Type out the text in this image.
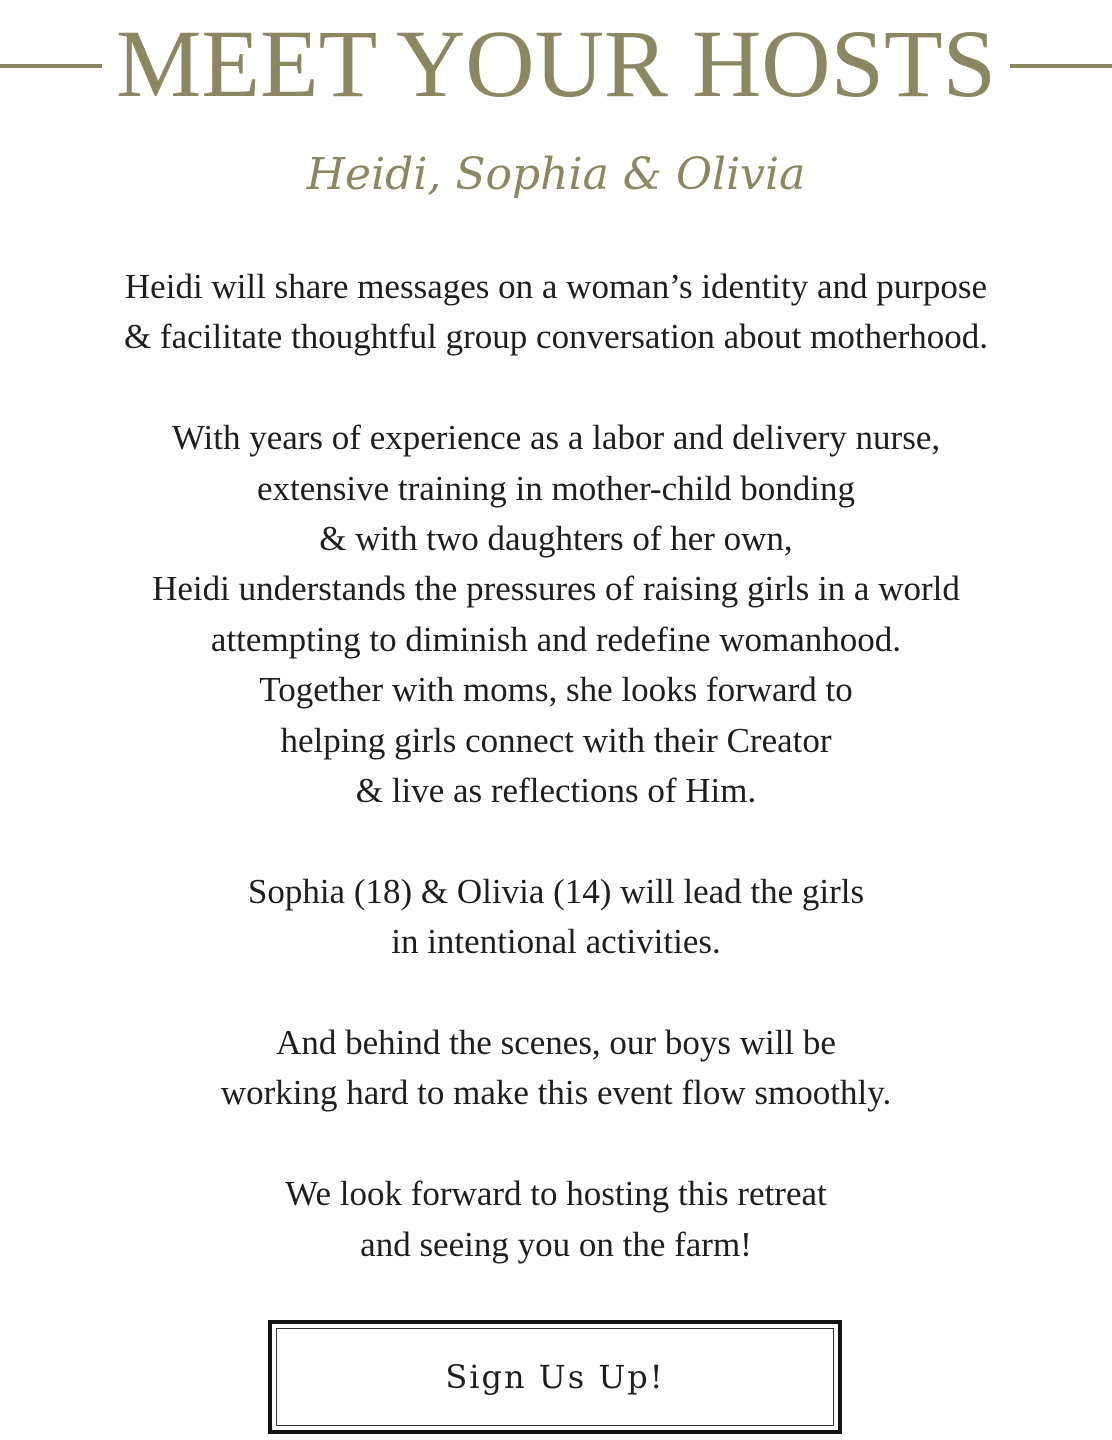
MEET YOUR HOSTS
Heidi, Sophia & Olivia

Heidi will share messages on a woman’s identity and purpose
& facilitate thoughtful group conversation about motherhood.

With years of experience as a labor and delivery nurse,
extensive training in mother-child bonding
& with two daughters of her own,
Heidi understands the pressures of raising girls in a world
attempting to diminish and redefine womanhood.
Together with moms, she looks forward to
helping girls connect with their Creator
& live as reflections of Him.

Sophia (18) & Olivia (14) will lead the girls
in intentional activities.

And behind the scenes, our boys will be
working hard to make this event flow smoothly.

We look forward to hosting this retreat
and seeing you on the farm!

Sign Us Up!
